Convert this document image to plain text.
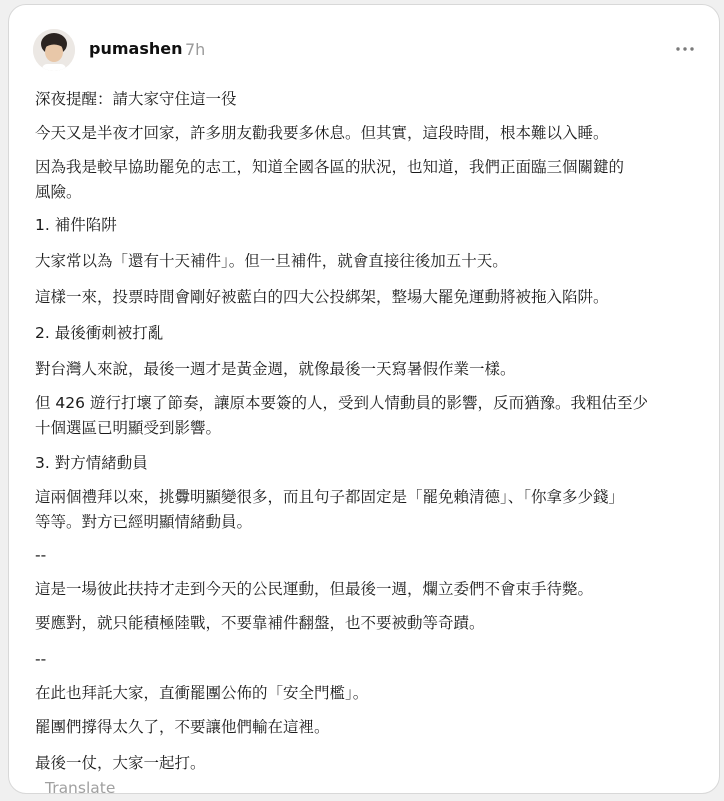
pumashen 7h
深夜提醒：請大家守住這一役
今天又是半夜才回家，許多朋友勸我要多休息。但其實，這段時間，根本難以入睡。
因為我是較早協助罷免的志工，知道全國各區的狀況，也知道，我們正面臨三個關鍵的
風險。
1. 補件陷阱
大家常以為「還有十天補件」。但一旦補件，就會直接往後加五十天。
這樣一來，投票時間會剛好被藍白的四大公投綁架，整場大罷免運動將被拖入陷阱。
2. 最後衝刺被打亂
對台灣人來說，最後一週才是黃金週，就像最後一天寫暑假作業一樣。
但 426 遊行打壞了節奏，讓原本要簽的人，受到人情動員的影響，反而猶豫。我粗估至少
十個選區已明顯受到影響。
3. 對方情緒動員
這兩個禮拜以來，挑釁明顯變很多，而且句子都固定是「罷免賴清德」、「你拿多少錢」
等等。對方已經明顯情緒動員。
--
這是一場彼此扶持才走到今天的公民運動，但最後一週，爛立委們不會束手待斃。
要應對，就只能積極陸戰，不要靠補件翻盤，也不要被動等奇蹟。
--
在此也拜託大家，直衝罷團公佈的「安全門檻」。
罷團們撐得太久了，不要讓他們輸在這裡。
最後一仗，大家一起打。
Translate
